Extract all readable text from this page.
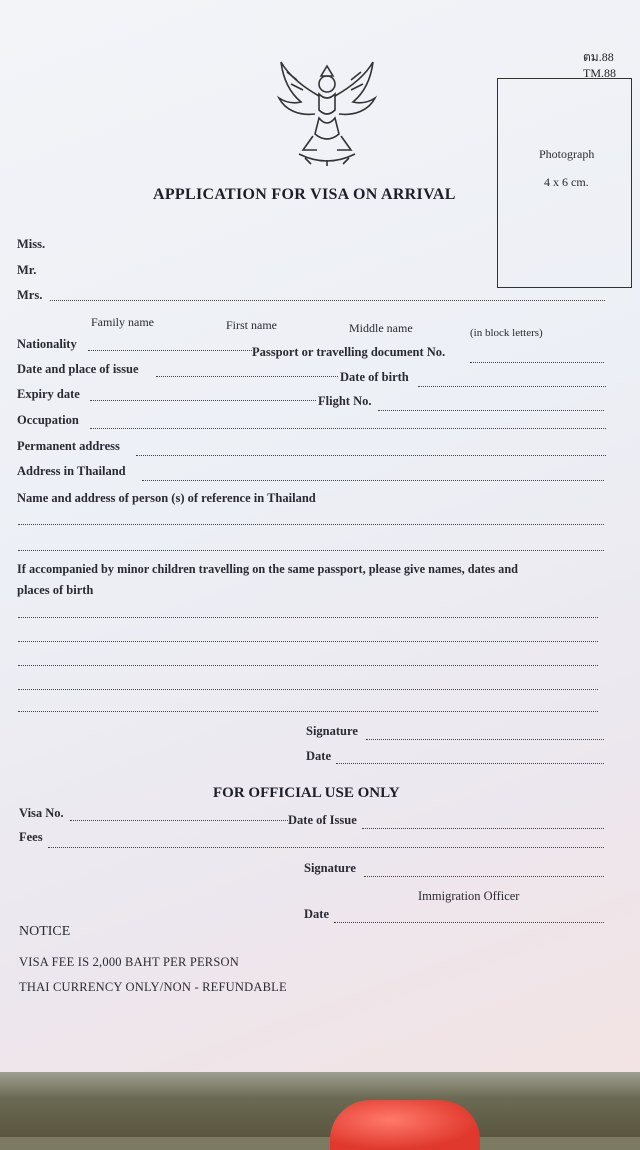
ตม.88
TM.88
Photograph
4 x 6 cm.
APPLICATION FOR VISA ON ARRIVAL
Miss.
Mr.
Mrs.
Family name	First name	Middle name	(in block letters)
Nationality
Passport or travelling document No.
Date and place of issue
Date of birth
Expiry date	Flight No.
Occupation
Permanent address
Address in Thailand
Name and address of person (s) of reference in Thailand
If accompanied by minor children travelling on the same passport, please give names, dates and
places of birth
Signature
Date
FOR OFFICIAL USE ONLY
Visa No.	Date of Issue
Fees
Signature
Immigration Officer
Date
NOTICE
VISA FEE IS 2,000 BAHT PER PERSON
THAI CURRENCY ONLY/NON - REFUNDABLE
